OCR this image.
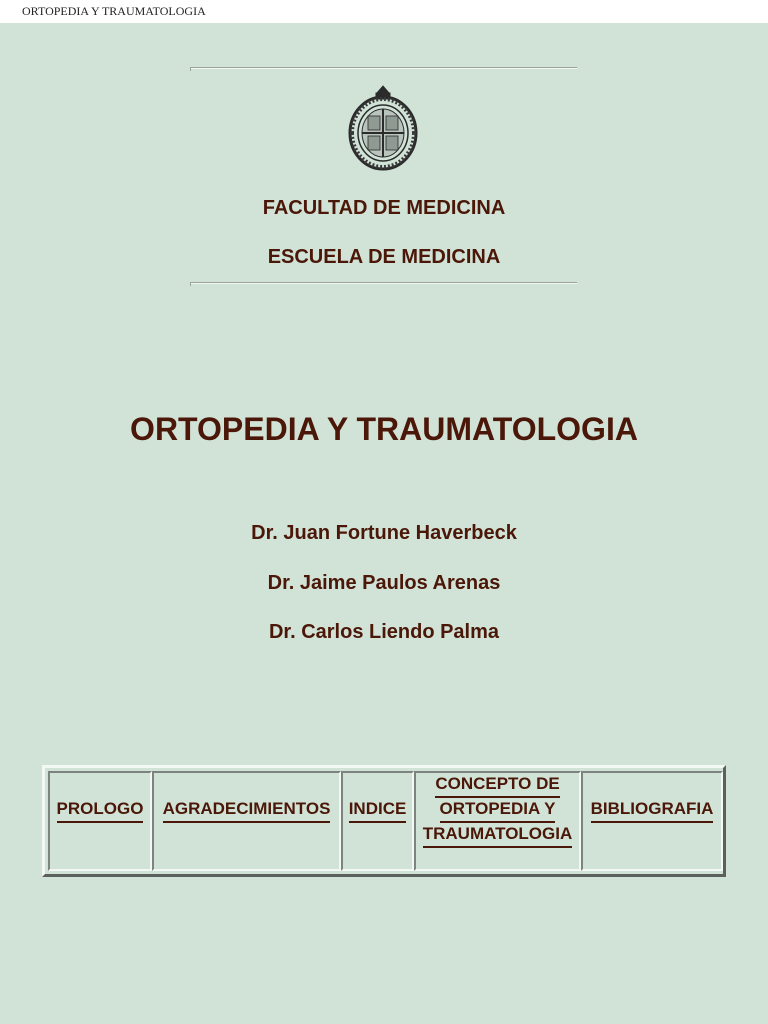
ORTOPEDIA Y TRAUMATOLOGIA
FACULTAD DE MEDICINA
ESCUELA DE MEDICINA
ORTOPEDIA Y TRAUMATOLOGIA
Dr. Juan Fortune Haverbeck
Dr. Jaime Paulos Arenas
Dr. Carlos Liendo Palma
PROLOGO	AGRADECIMIENTOS	INDICE
CONCEPTO DE
ORTOPEDIA Y
TRAUMATOLOGIA
BIBLIOGRAFIA
